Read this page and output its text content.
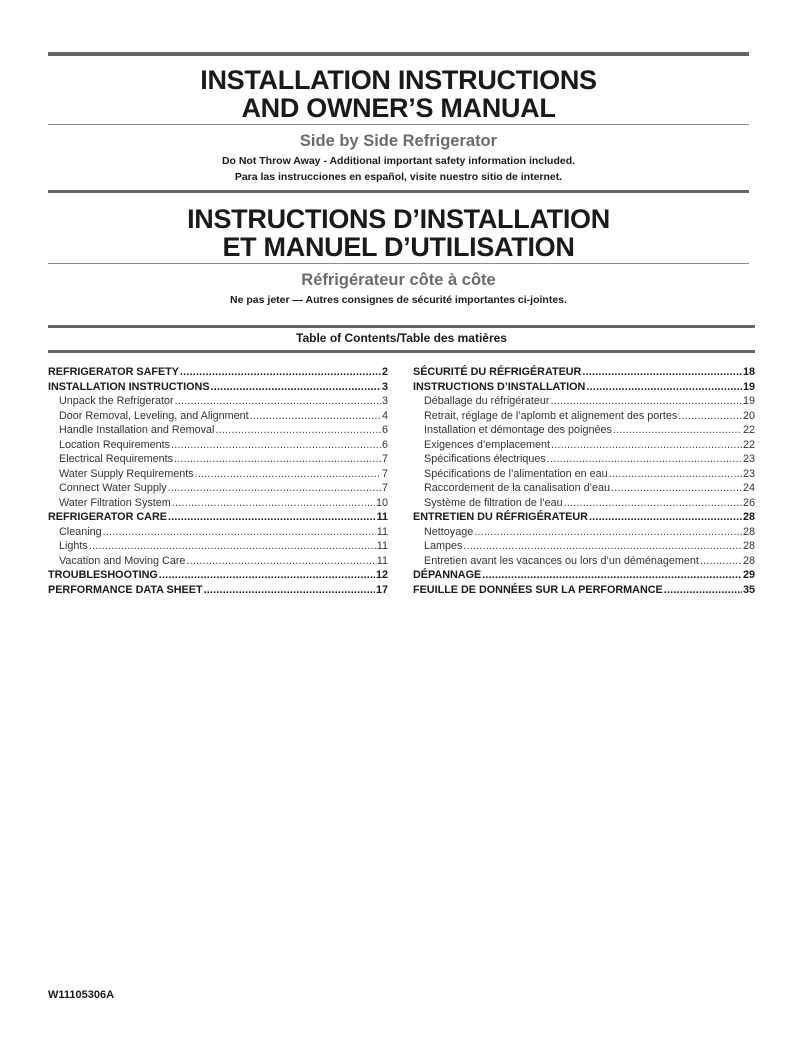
INSTALLATION INSTRUCTIONS
AND OWNER’S MANUAL
Side by Side Refrigerator
Do Not Throw Away - Additional important safety information included.
Para las instrucciones en español, visite nuestro sitio de internet.
INSTRUCTIONS D’INSTALLATION
ET MANUEL D’UTILISATION
Réfrigérateur côte à côte
Ne pas jeter — Autres consignes de sécurité importantes ci-jointes.
Table of Contents/Table des matières
REFRIGERATOR SAFETY .....	2
INSTALLATION INSTRUCTIONS .....	3
Unpack the Refrigerator .....	3
Door Removal, Leveling, and Alignment .....	4
Handle Installation and Removal .....	6
Location Requirements .....	6
Electrical Requirements .....	7
Water Supply Requirements .....	7
Connect Water Supply .....	7
Water Filtration System .....	10
REFRIGERATOR CARE .....	11
Cleaning .....	11
Lights .....	11
Vacation and Moving Care .....	11
TROUBLESHOOTING .....	12
PERFORMANCE DATA SHEET .....	17
SÉCURITÉ DU RÉFRIGÉRATEUR .....	18
INSTRUCTIONS D’INSTALLATION .....	19
Déballage du réfrigérateur .....	19
Retrait, réglage de l’aplomb et alignement des portes .....	20
Installation et démontage des poignées .....	22
Exigences d’emplacement .....	22
Spécifications électriques .....	23
Spécifications de l’alimentation en eau .....	23
Raccordement de la canalisation d’eau .....	24
Système de filtration de l’eau .....	26
ENTRETIEN DU RÉFRIGÉRATEUR .....	28
Nettoyage .....	28
Lampes .....	28
Entretien avant les vacances ou lors d’un déménagement .....	28
DÉPANNAGE .....	29
FEUILLE DE DONNÉES SUR LA PERFORMANCE .....	35
W11105306A
